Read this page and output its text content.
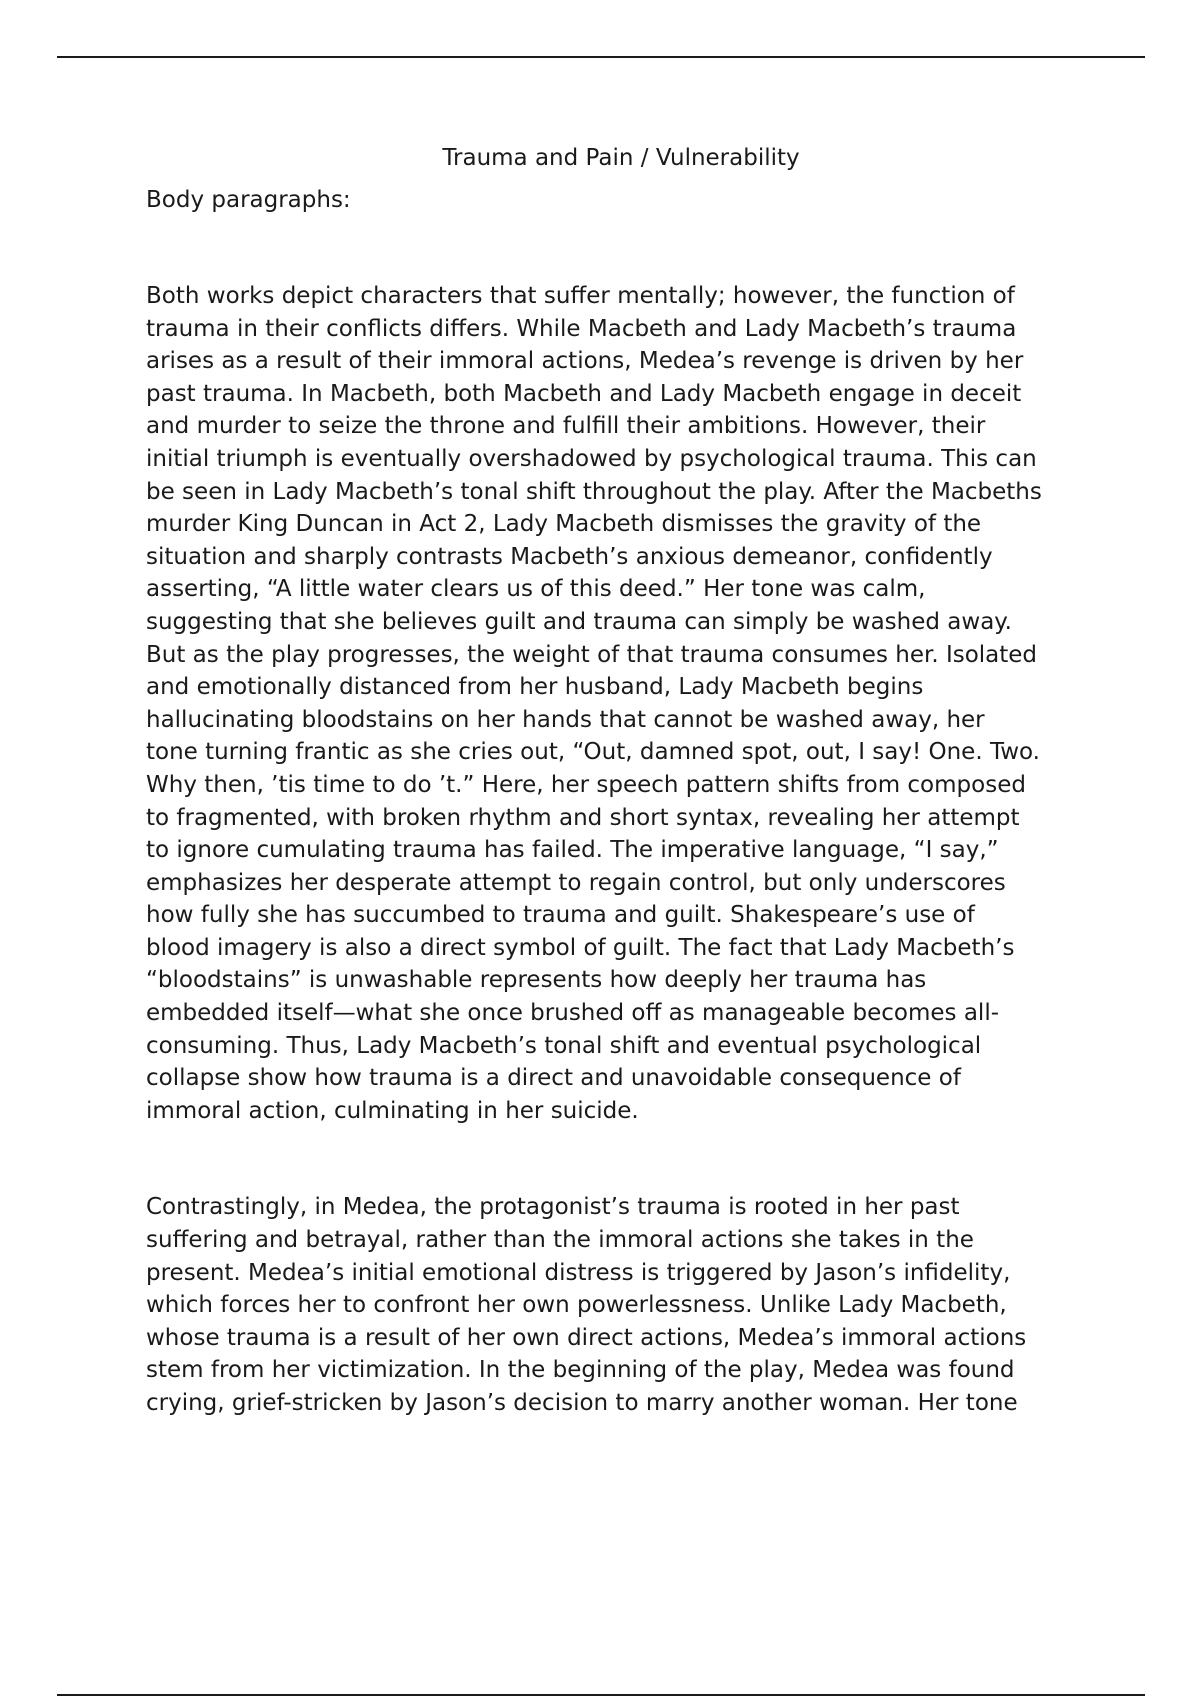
Trauma and Pain / Vulnerability

Body paragraphs:

Both works depict characters that suffer mentally; however, the function of
trauma in their conflicts differs. While Macbeth and Lady Macbeth’s trauma
arises as a result of their immoral actions, Medea’s revenge is driven by her
past trauma. In Macbeth, both Macbeth and Lady Macbeth engage in deceit
and murder to seize the throne and fulfill their ambitions. However, their
initial triumph is eventually overshadowed by psychological trauma. This can
be seen in Lady Macbeth’s tonal shift throughout the play. After the Macbeths
murder King Duncan in Act 2, Lady Macbeth dismisses the gravity of the
situation and sharply contrasts Macbeth’s anxious demeanor, confidently
asserting, “A little water clears us of this deed.” Her tone was calm,
suggesting that she believes guilt and trauma can simply be washed away.
But as the play progresses, the weight of that trauma consumes her. Isolated
and emotionally distanced from her husband, Lady Macbeth begins
hallucinating bloodstains on her hands that cannot be washed away, her
tone turning frantic as she cries out, “Out, damned spot, out, I say! One. Two.
Why then, ’tis time to do ’t.” Here, her speech pattern shifts from composed
to fragmented, with broken rhythm and short syntax, revealing her attempt
to ignore cumulating trauma has failed. The imperative language, “I say,”
emphasizes her desperate attempt to regain control, but only underscores
how fully she has succumbed to trauma and guilt. Shakespeare’s use of
blood imagery is also a direct symbol of guilt. The fact that Lady Macbeth’s
“bloodstains” is unwashable represents how deeply her trauma has
embedded itself—what she once brushed off as manageable becomes all-
consuming. Thus, Lady Macbeth’s tonal shift and eventual psychological
collapse show how trauma is a direct and unavoidable consequence of
immoral action, culminating in her suicide.

Contrastingly, in Medea, the protagonist’s trauma is rooted in her past
suffering and betrayal, rather than the immoral actions she takes in the
present. Medea’s initial emotional distress is triggered by Jason’s infidelity,
which forces her to confront her own powerlessness. Unlike Lady Macbeth,
whose trauma is a result of her own direct actions, Medea’s immoral actions
stem from her victimization. In the beginning of the play, Medea was found
crying, grief-stricken by Jason’s decision to marry another woman. Her tone
